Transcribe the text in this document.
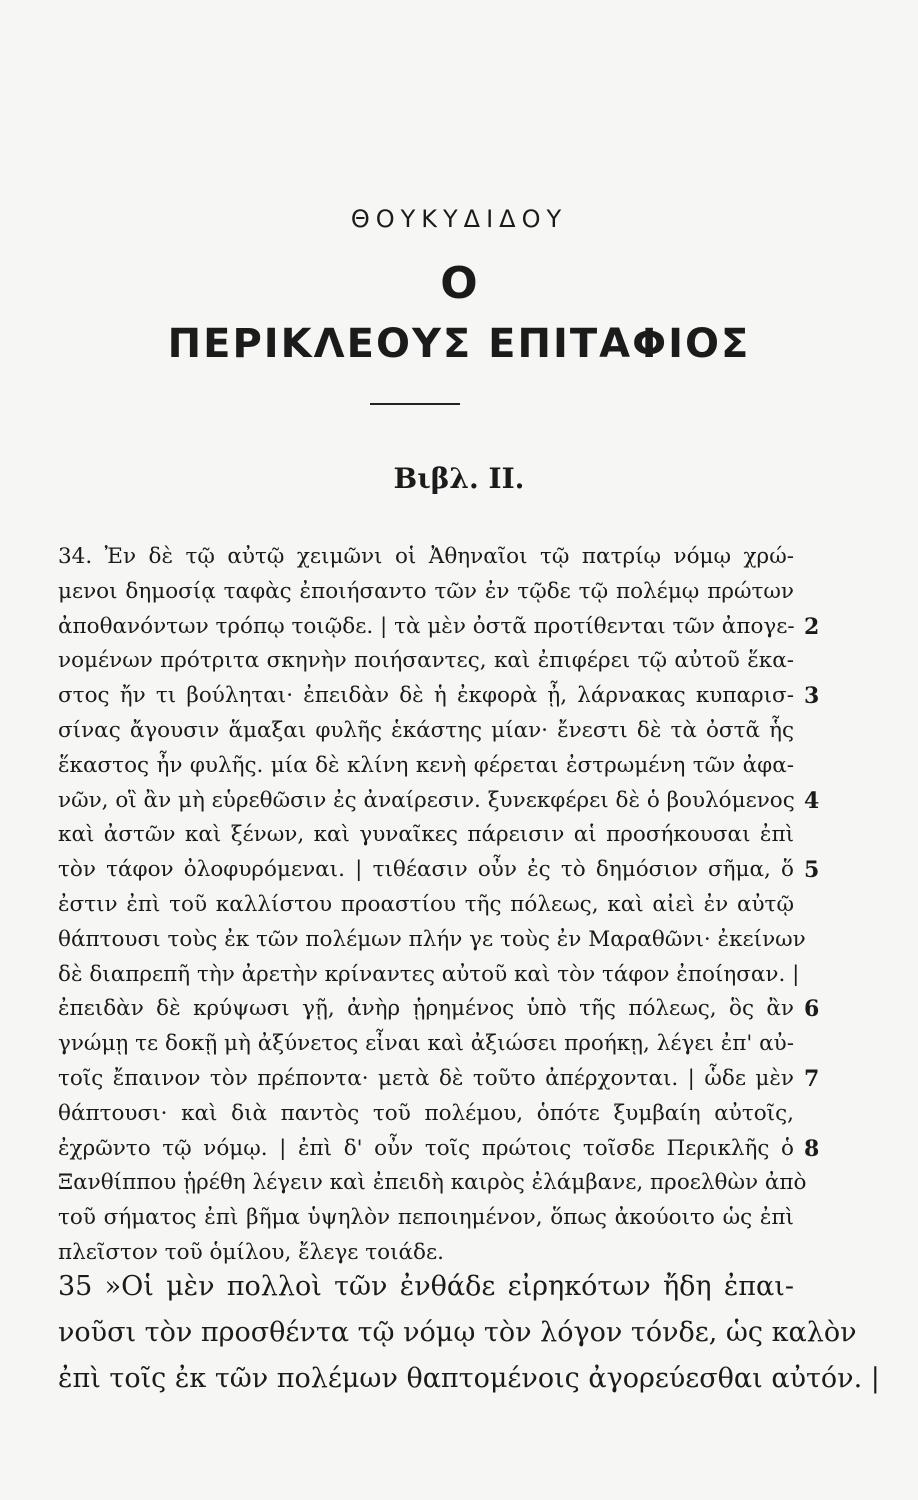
ΘΟΥΚΥΔΙΔΟΥ
Ο
ΠΕΡΙΚΛΕΟΥΣ ΕΠΙΤΑΦΙΟΣ
Βιβλ. ΙΙ.
34. Ἐν δὲ τῷ αὐτῷ χειμῶνι οἱ Ἀθηναῖοι τῷ πατρίῳ νόμῳ χρώ-
μενοι δημοσίᾳ ταφὰς ἐποιήσαντο τῶν ἐν τῷδε τῷ πολέμῳ πρώτων
ἀποθανόντων τρόπῳ τοιῷδε. | τὰ μὲν ὀστᾶ προτίθενται τῶν ἀπογε-
νομένων πρότριτα σκηνὴν ποιήσαντες, καὶ ἐπιφέρει τῷ αὐτοῦ ἕκα-
στος ἤν τι βούληται· ἐπειδὰν δὲ ἡ ἐκφορὰ ᾖ, λάρνακας κυπαρισ-
σίνας ἄγουσιν ἅμαξαι φυλῆς ἑκάστης μίαν· ἔνεστι δὲ τὰ ὀστᾶ ἧς
ἕκαστος ἦν φυλῆς. μία δὲ κλίνη κενὴ φέρεται ἐστρωμένη τῶν ἀφα-
νῶν, οἳ ἂν μὴ εὑρεθῶσιν ἐς ἀναίρεσιν. ξυνεκφέρει δὲ ὁ βουλόμενος
καὶ ἀστῶν καὶ ξένων, καὶ γυναῖκες πάρεισιν αἱ προσήκουσαι ἐπὶ
τὸν τάφον ὀλοφυρόμεναι. | τιθέασιν οὖν ἐς τὸ δημόσιον σῆμα, ὅ
ἐστιν ἐπὶ τοῦ καλλίστου προαστίου τῆς πόλεως, καὶ αἰεὶ ἐν αὐτῷ
θάπτουσι τοὺς ἐκ τῶν πολέμων πλήν γε τοὺς ἐν Μαραθῶνι· ἐκείνων
δὲ διαπρεπῆ τὴν ἀρετὴν κρίναντες αὐτοῦ καὶ τὸν τάφον ἐποίησαν. |
ἐπειδὰν δὲ κρύψωσι γῇ, ἀνὴρ ᾑρημένος ὑπὸ τῆς πόλεως, ὃς ἂν
γνώμῃ τε δοκῇ μὴ ἀξύνετος εἶναι καὶ ἀξιώσει προήκῃ, λέγει ἐπ' αὐ-
τοῖς ἔπαινον τὸν πρέποντα· μετὰ δὲ τοῦτο ἀπέρχονται. | ὧδε μὲν
θάπτουσι· καὶ διὰ παντὸς τοῦ πολέμου, ὁπότε ξυμβαίη αὐτοῖς,
ἐχρῶντο τῷ νόμῳ. | ἐπὶ δ' οὖν τοῖς πρώτοις τοῖσδε Περικλῆς ὁ
Ξανθίππου ᾑρέθη λέγειν καὶ ἐπειδὴ καιρὸς ἐλάμβανε, προελθὼν ἀπὸ
τοῦ σήματος ἐπὶ βῆμα ὑψηλὸν πεποιημένον, ὅπως ἀκούοιτο ὡς ἐπὶ
πλεῖστον τοῦ ὁμίλου, ἔλεγε τοιάδε.
2
3
4
5
6
7
8
35 »Οἱ μὲν πολλοὶ τῶν ἐνθάδε εἰρηκότων ἤδη ἐπαι-
νοῦσι τὸν προσθέντα τῷ νόμῳ τὸν λόγον τόνδε, ὡς καλὸν
ἐπὶ τοῖς ἐκ τῶν πολέμων θαπτομένοις ἀγορεύεσθαι αὐτόν. |
